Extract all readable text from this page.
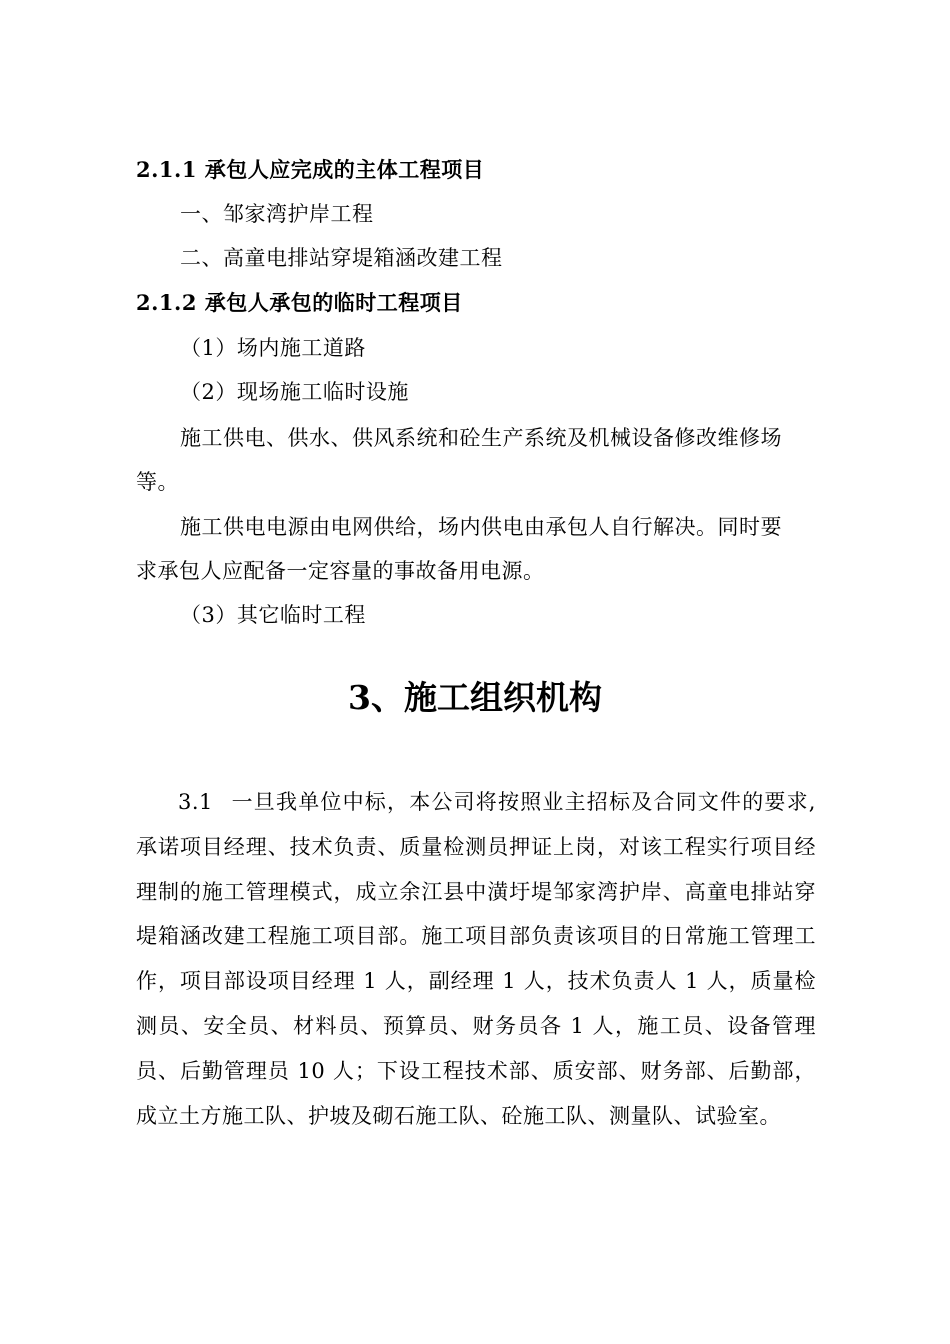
2.1.1 承包人应完成的主体工程项目
一、邹家湾护岸工程
二、高童电排站穿堤箱涵改建工程
2.1.2 承包人承包的临时工程项目
（1）场内施工道路
（2）现场施工临时设施
施工供电、供水、供风系统和砼生产系统及机械设备修改维修场
等。
施工供电电源由电网供给，场内供电由承包人自行解决。同时要
求承包人应配备一定容量的事故备用电源。
（3）其它临时工程
3、施工组织机构
3.1 一旦我单位中标，本公司将按照业主招标及合同文件的要求,承诺项目经理、技术负责、质量检测员押证上岗，对该工程实行项目经理制的施工管理模式，成立余江县中潢圩堤邹家湾护岸、高童电排站穿堤箱涵改建工程施工项目部。施工项目部负责该项目的日常施工管理工作，项目部设项目经理 1 人，副经理 1 人，技术负责人 1 人，质量检测员、安全员、材料员、预算员、财务员各 1 人，施工员、设备管理员、后勤管理员 10 人；下设工程技术部、质安部、财务部、后勤部，成立土方施工队、护坡及砌石施工队、砼施工队、测量队、试验室。
